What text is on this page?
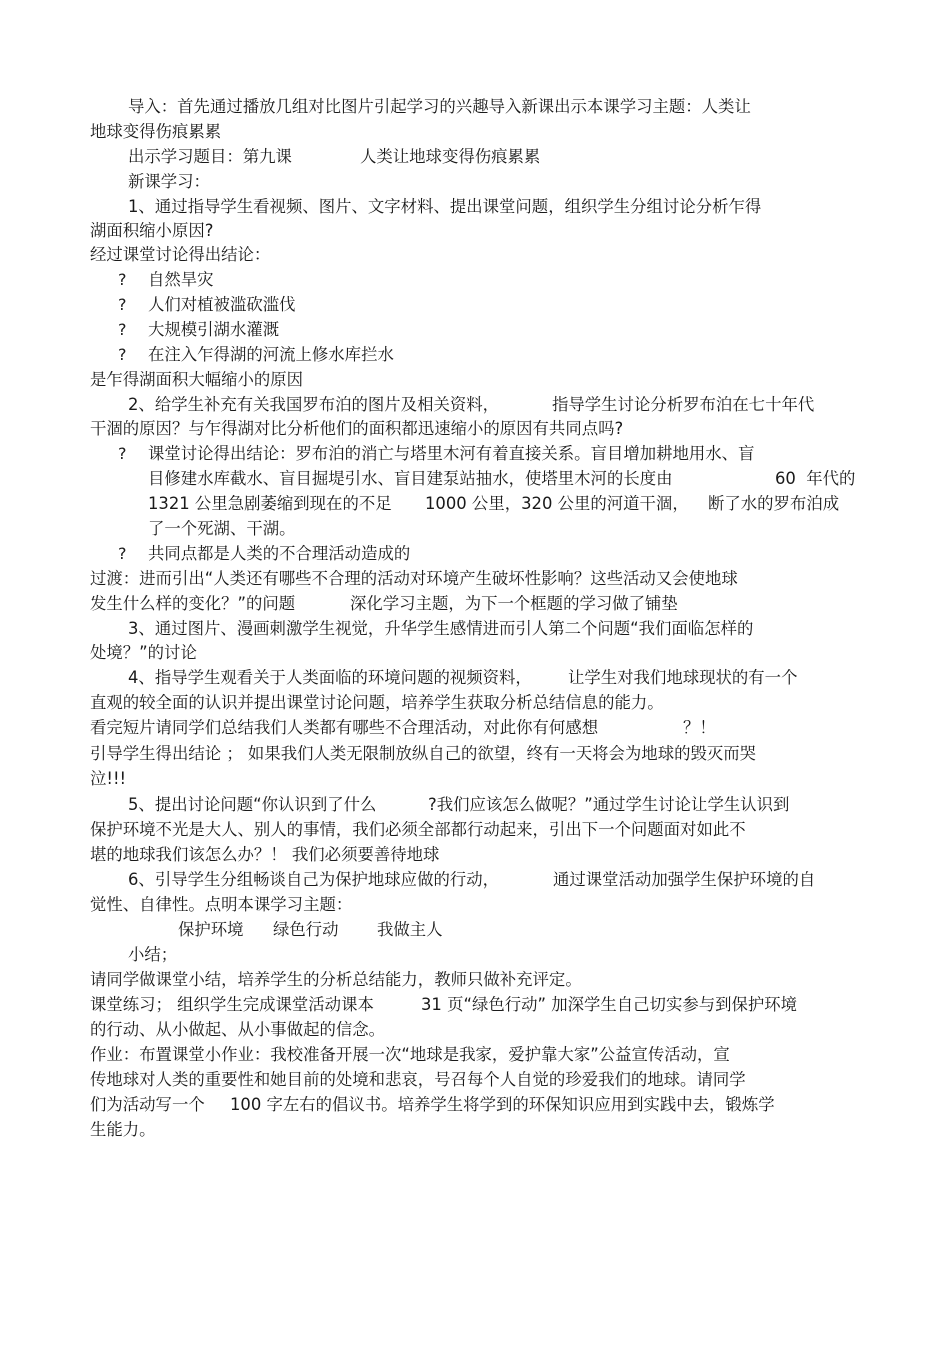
导入：首先通过播放几组对比图片引起学习的兴趣导入新课出示本课学习主题：人类让
地球变得伤痕累累
出示学习题目：第九课	人类让地球变得伤痕累累
新课学习：
1、通过指导学生看视频、图片、文字材料、提出课堂问题，组织学生分组讨论分析乍得
湖面积缩小原因?
经过课堂讨论得出结论：
? 自然旱灾
? 人们对植被滥砍滥伐
? 大规模引湖水灌溉
? 在注入乍得湖的河流上修水库拦水
是乍得湖面积大幅缩小的原因
2、给学生补充有关我国罗布泊的图片及相关资料，	指导学生讨论分析罗布泊在七十年代
干涸的原因？与乍得湖对比分析他们的面积都迅速缩小的原因有共同点吗?
? 课堂讨论得出结论：罗布泊的消亡与塔里木河有着直接关系。盲目增加耕地用水、盲
目修建水库截水、盲目掘堤引水、盲目建泵站抽水，使塔里木河的长度由	60  年代的
1321 公里急剧萎缩到现在的不足 1000 公里，320 公里的河道干涸， 断了水的罗布泊成
了一个死湖、干湖。
? 共同点都是人类的不合理活动造成的
过渡：进而引出“人类还有哪些不合理的活动对环境产生破坏性影响？这些活动又会使地球
发生什么样的变化？”的问题	深化学习主题，为下一个框题的学习做了铺垫
3、通过图片、漫画刺激学生视觉，升华学生感情进而引人第二个问题“我们面临怎样的
处境？”的讨论
4、指导学生观看关于人类面临的环境问题的视频资料， 让学生对我们地球现状的有一个
直观的较全面的认识并提出课堂讨论问题，培养学生获取分析总结信息的能力。
看完短片请同学们总结我们人类都有哪些不合理活动，对此你有何感想	？！
引导学生得出结论 ； 如果我们人类无限制放纵自己的欲望，终有一天将会为地球的毁灭而哭
泣!!!
5、提出讨论问题“你认识到了什么	?我们应该怎么做呢？”通过学生讨论让学生认识到
保护环境不光是大人、别人的事情，我们必须全部都行动起来，引出下一个问题面对如此不
堪的地球我们该怎么办？！ 我们必须要善待地球
6、引导学生分组畅谈自己为保护地球应做的行动，	通过课堂活动加强学生保护环境的自
觉性、自律性。点明本课学习主题：
保护环境 绿色行动 我做主人
小结；
请同学做课堂小结，培养学生的分析总结能力，教师只做补充评定。
课堂练习； 组织学生完成课堂活动课本	31 页“绿色行动” 加深学生自己切实参与到保护环境
的行动、从小做起、从小事做起的信念。
作业：布置课堂小作业：我校准备开展一次“地球是我家，爱护靠大家”公益宣传活动，宣
传地球对人类的重要性和她目前的处境和悲哀，号召每个人自觉的珍爱我们的地球。请同学
们为活动写一个 100 字左右的倡议书。培养学生将学到的环保知识应用到实践中去，锻炼学
生能力。
